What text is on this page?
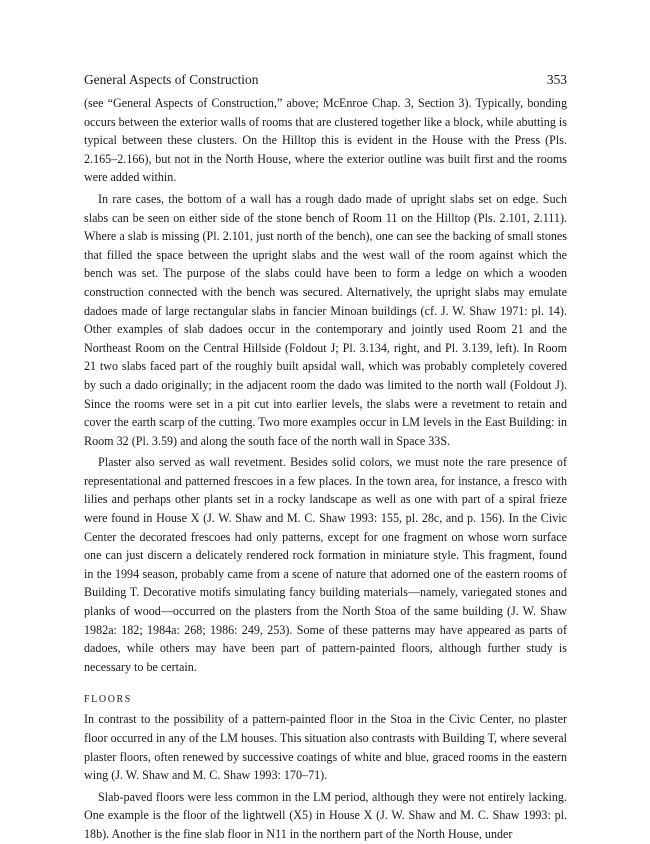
General Aspects of Construction	353

(see “General Aspects of Construction,” above; McEnroe Chap. 3, Section 3). Typically, bonding occurs between the exterior walls of rooms that are clustered together like a block, while abutting is typical between these clusters. On the Hilltop this is evident in the House with the Press (Pls. 2.165–2.166), but not in the North House, where the exterior outline was built first and the rooms were added within.

In rare cases, the bottom of a wall has a rough dado made of upright slabs set on edge. Such slabs can be seen on either side of the stone bench of Room 11 on the Hilltop (Pls. 2.101, 2.111). Where a slab is missing (Pl. 2.101, just north of the bench), one can see the backing of small stones that filled the space between the upright slabs and the west wall of the room against which the bench was set. The purpose of the slabs could have been to form a ledge on which a wooden construction connected with the bench was secured. Alternatively, the upright slabs may emulate dadoes made of large rectangular slabs in fancier Minoan buildings (cf. J. W. Shaw 1971: pl. 14). Other examples of slab dadoes occur in the contemporary and jointly used Room 21 and the Northeast Room on the Central Hillside (Foldout J; Pl. 3.134, right, and Pl. 3.139, left). In Room 21 two slabs faced part of the roughly built apsidal wall, which was probably completely covered by such a dado originally; in the adjacent room the dado was limited to the north wall (Foldout J). Since the rooms were set in a pit cut into earlier levels, the slabs were a revetment to retain and cover the earth scarp of the cutting. Two more examples occur in LM levels in the East Building: in Room 32 (Pl. 3.59) and along the south face of the north wall in Space 33S.

Plaster also served as wall revetment. Besides solid colors, we must note the rare presence of representational and patterned frescoes in a few places. In the town area, for instance, a fresco with lilies and perhaps other plants set in a rocky landscape as well as one with part of a spiral frieze were found in House X (J. W. Shaw and M. C. Shaw 1993: 155, pl. 28c, and p. 156). In the Civic Center the decorated frescoes had only patterns, except for one fragment on whose worn surface one can just discern a delicately rendered rock formation in miniature style. This fragment, found in the 1994 season, probably came from a scene of nature that adorned one of the eastern rooms of Building T. Decorative motifs simulating fancy building materials—namely, variegated stones and planks of wood—occurred on the plasters from the North Stoa of the same building (J. W. Shaw 1982a: 182; 1984a: 268; 1986: 249, 253). Some of these patterns may have appeared as parts of dadoes, while others may have been part of pattern-painted floors, although further study is necessary to be certain.

FLOORS

In contrast to the possibility of a pattern-painted floor in the Stoa in the Civic Center, no plaster floor occurred in any of the LM houses. This situation also contrasts with Building T, where several plaster floors, often renewed by successive coatings of white and blue, graced rooms in the eastern wing (J. W. Shaw and M. C. Shaw 1993: 170–71).

Slab-paved floors were less common in the LM period, although they were not entirely lacking. One example is the floor of the lightwell (X5) in House X (J. W. Shaw and M. C. Shaw 1993: pl. 18b). Another is the fine slab floor in N11 in the northern part of the North House, under
